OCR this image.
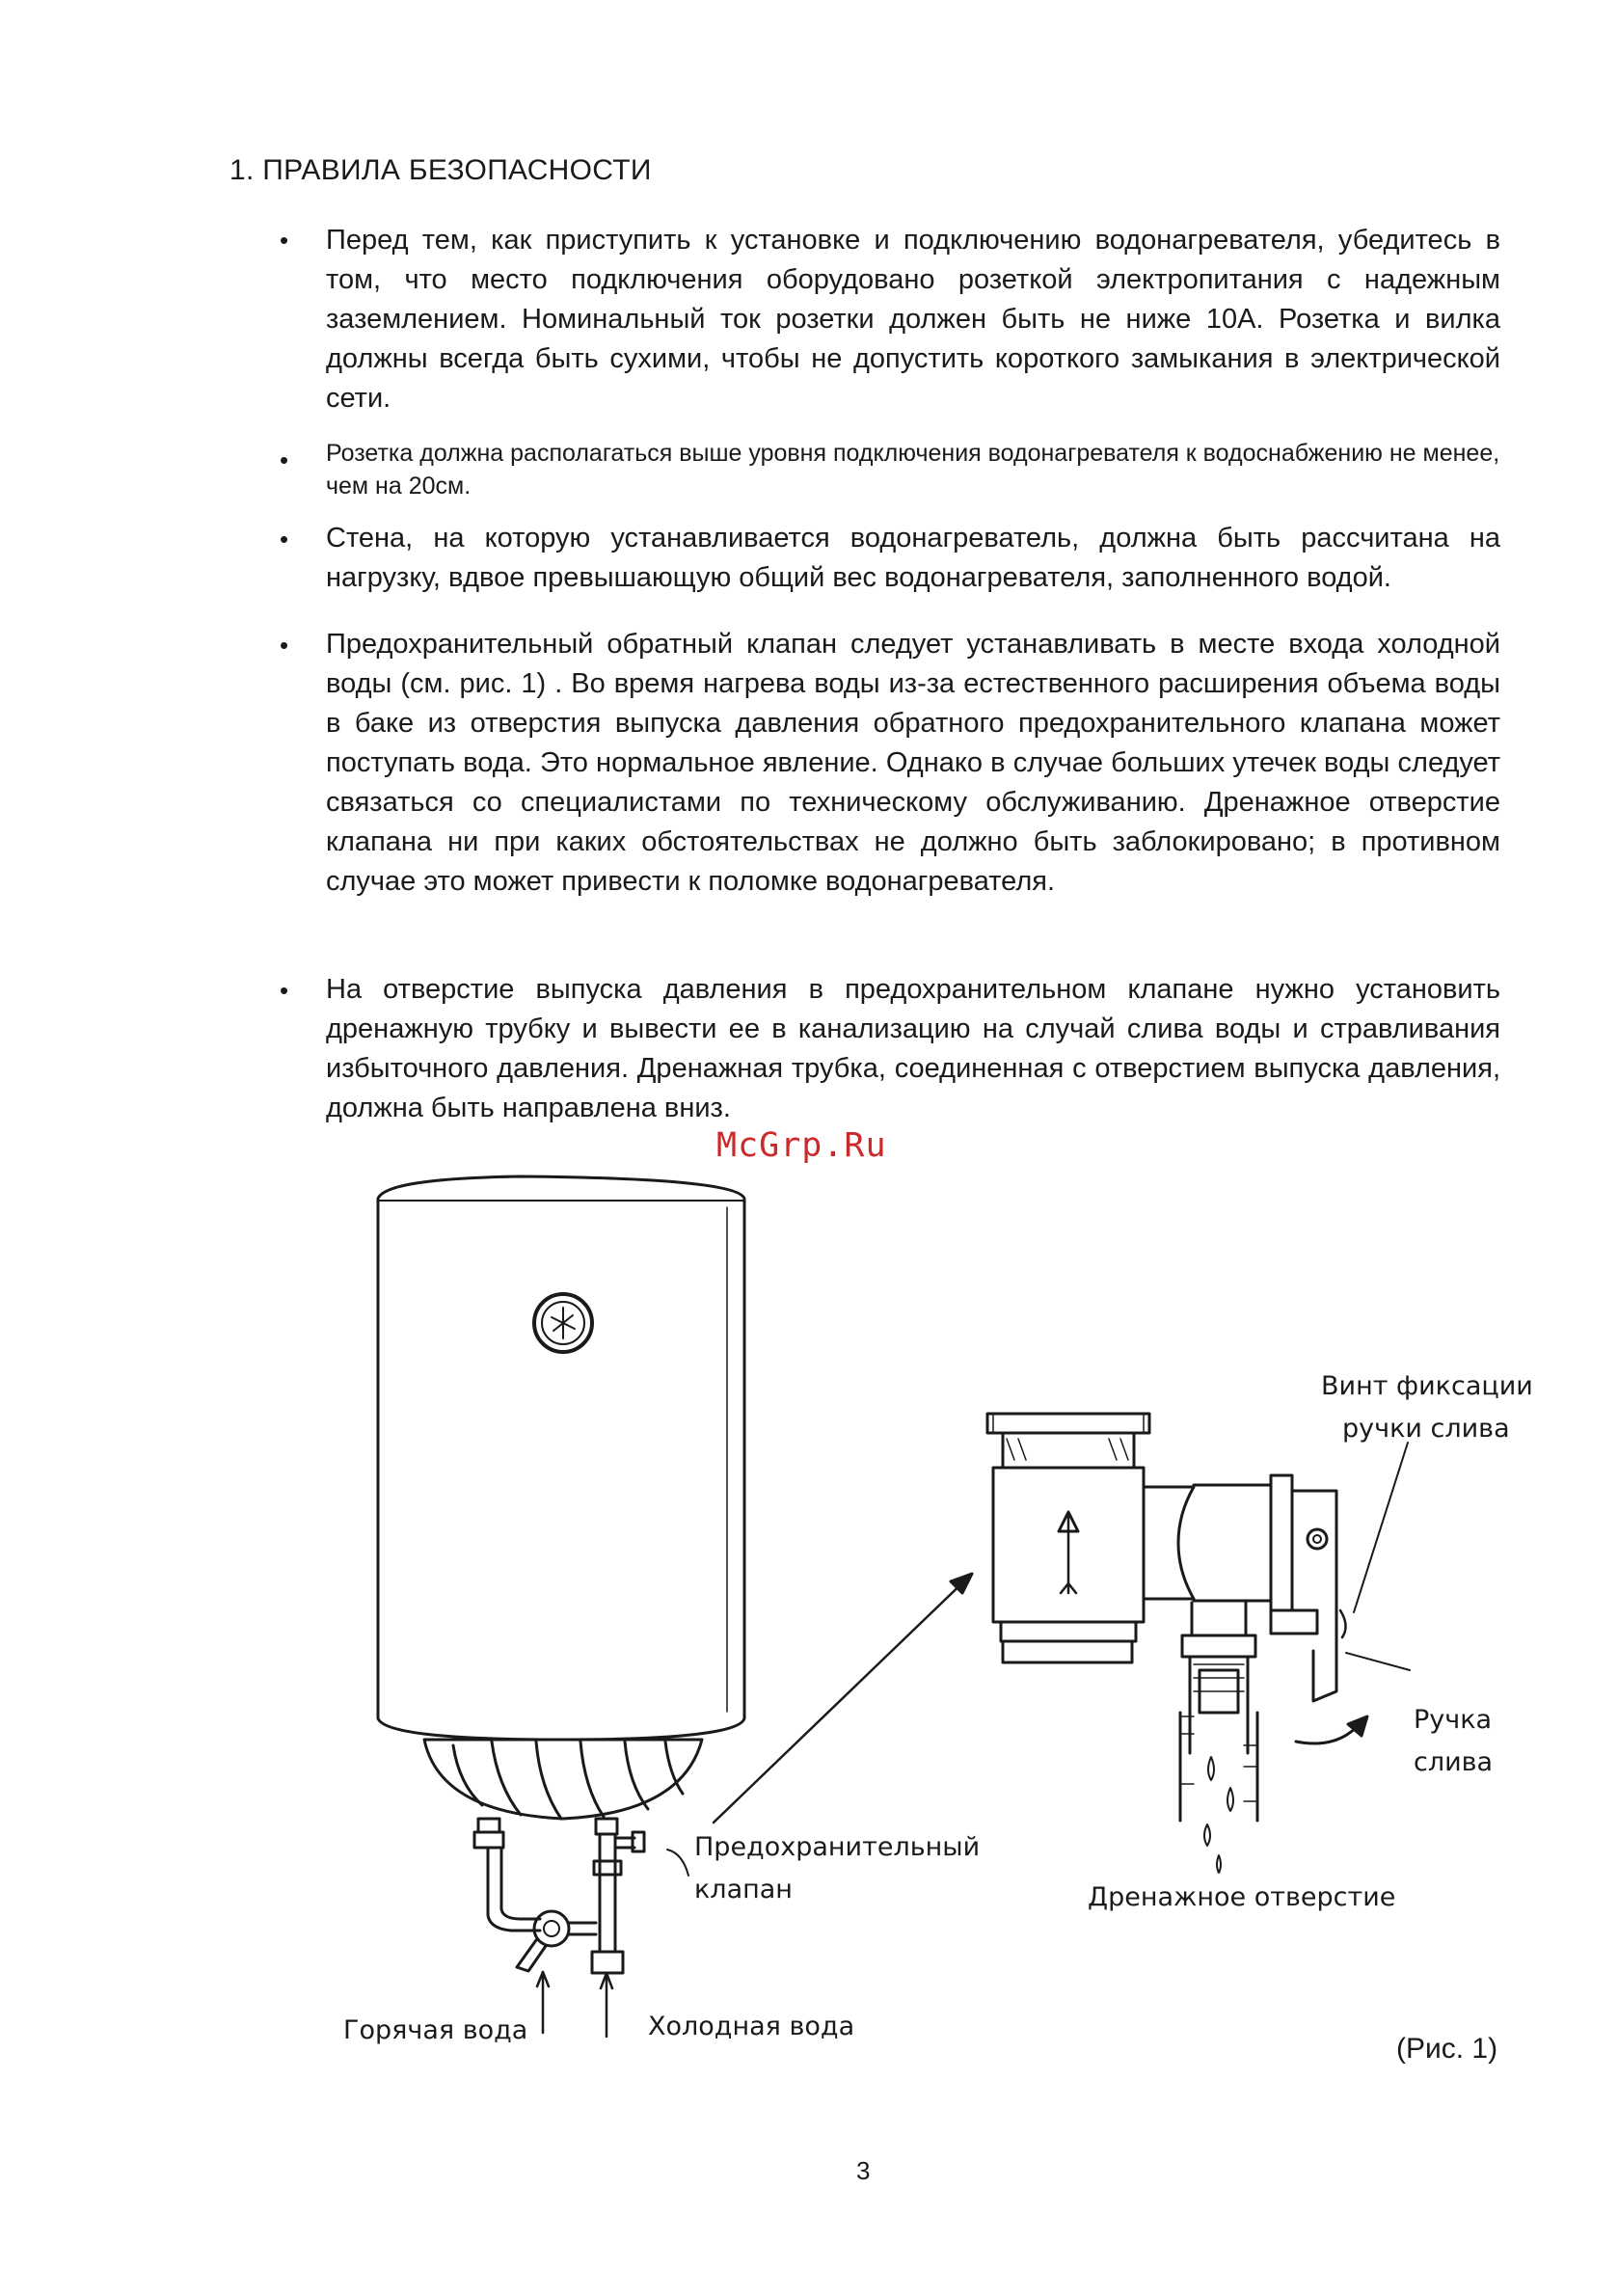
1. ПРАВИЛА БЕЗОПАСНОСТИ
• Перед тем, как приступить к установке и подключению водонагревателя, убедитесь в том, что место подключения оборудовано розеткой электропитания с надежным заземлением. Номинальный ток розетки должен быть не ниже 10А. Розетка и вилка должны всегда быть сухими, чтобы не допустить короткого замыкания в электрической сети.
• Розетка должна располагаться выше уровня подключения водонагревателя к водоснабжению не менее, чем на 20см.
• Стена, на которую устанавливается водонагреватель, должна быть рассчитана на нагрузку, вдвое превышающую общий вес водонагревателя, заполненного водой.
• Предохранительный обратный клапан следует устанавливать в месте входа холодной воды (см. рис. 1) . Во время нагрева воды из-за естественного расширения объема воды в баке из отверстия выпуска давления обратного предохранительного клапана может поступать вода. Это нормальное явление. Однако в случае больших утечек воды следует связаться со специалистами по техническому обслуживанию. Дренажное отверстие клапана ни при каких обстоятельствах не должно быть заблокировано; в противном случае это может привести к поломке водонагревателя.
• На отверстие выпуска давления в предохранительном клапане нужно установить дренажную трубку и вывести ее в канализацию на случай слива воды и стравливания избыточного давления. Дренажная трубка, соединенная с отверстием выпуска давления, должна быть направлена вниз.
McGrp.Ru
Винт фиксации
ручки слива
Ручка
слива
Предохранительный
клапан	Дренажное отверстие
Горячая вода	Холодная вода
(Рис. 1)
3
